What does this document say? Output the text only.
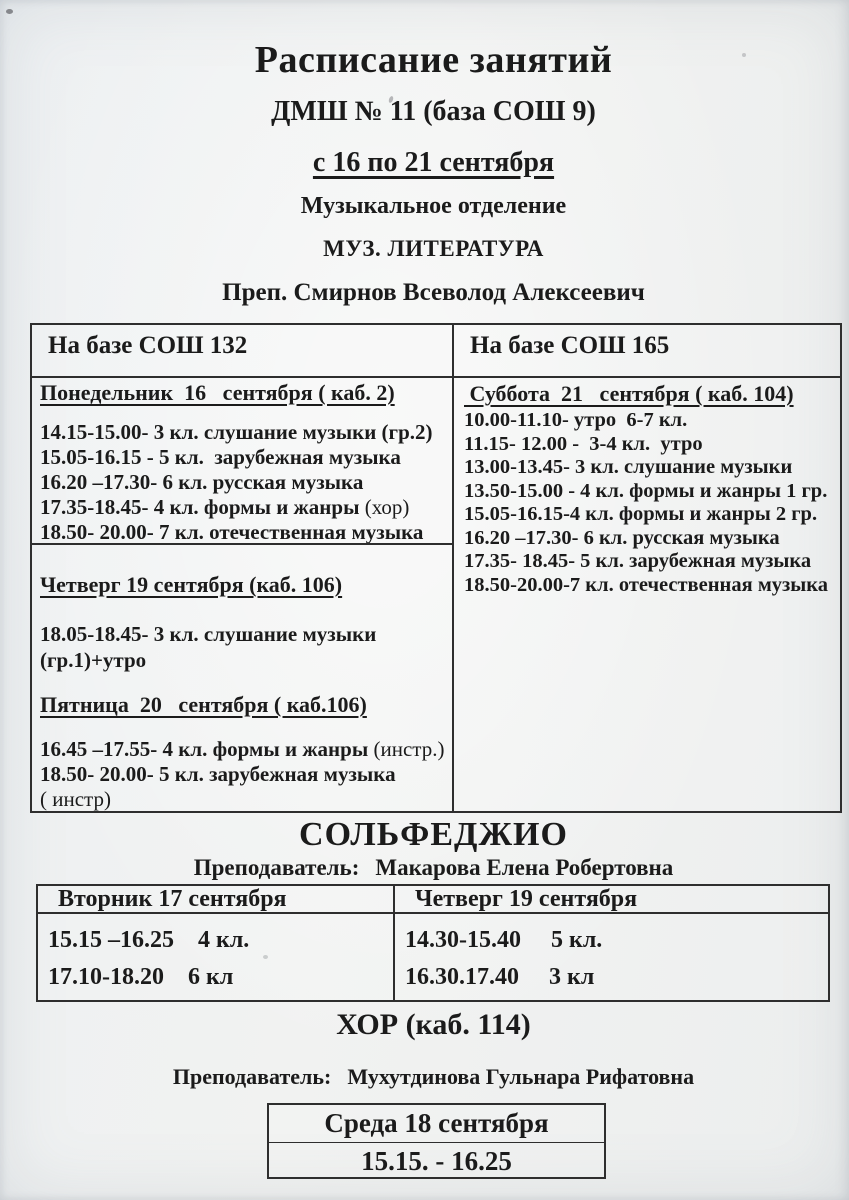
Расписание занятий
ДМШ № 11 (база СОШ 9)
с 16 по 21 сентября
Музыкальное отделение
МУЗ. ЛИТЕРАТУРА
Преп. Смирнов Всеволод Алексеевич
На базе СОШ 132
Понедельник  16   сентября ( каб. 2)
14.15-15.00- 3 кл. слушание музыки (гр.2)
15.05-16.15 - 5 кл.  зарубежная музыка
16.20 –17.30- 6 кл. русская музыка
17.35-18.45- 4 кл. формы и жанры (хор)
18.50- 20.00- 7 кл. отечественная музыка
Четверг 19 сентября (каб. 106)
18.05-18.45- 3 кл. слушание музыки
(гр.1)+утро
Пятница  20   сентября ( каб.106)
16.45 –17.55- 4 кл. формы и жанры (инстр.)
18.50- 20.00- 5 кл. зарубежная музыка
( инстр)
На базе СОШ 165
Суббота  21   сентября ( каб. 104)
10.00-11.10- утро  6-7 кл.
11.15- 12.00 -  3-4 кл.  утро
13.00-13.45- 3 кл. слушание музыки
13.50-15.00 - 4 кл. формы и жанры 1 гр.
15.05-16.15-4 кл. формы и жанры 2 гр.
16.20 –17.30- 6 кл. русская музыка
17.35- 18.45- 5 кл. зарубежная музыка
18.50-20.00-7 кл. отечественная музыка
СОЛЬФЕДЖИО
Преподаватель: Макарова Елена Робертовна
Вторник 17 сентября
15.15 –16.25    4 кл.
17.10-18.20    6 кл
Четверг 19 сентября
14.30-15.40     5 кл.
16.30.17.40     3 кл
ХОР (каб. 114)
Преподаватель: Мухутдинова Гульнара Рифатовна
Среда 18 сентября
15.15. - 16.25
